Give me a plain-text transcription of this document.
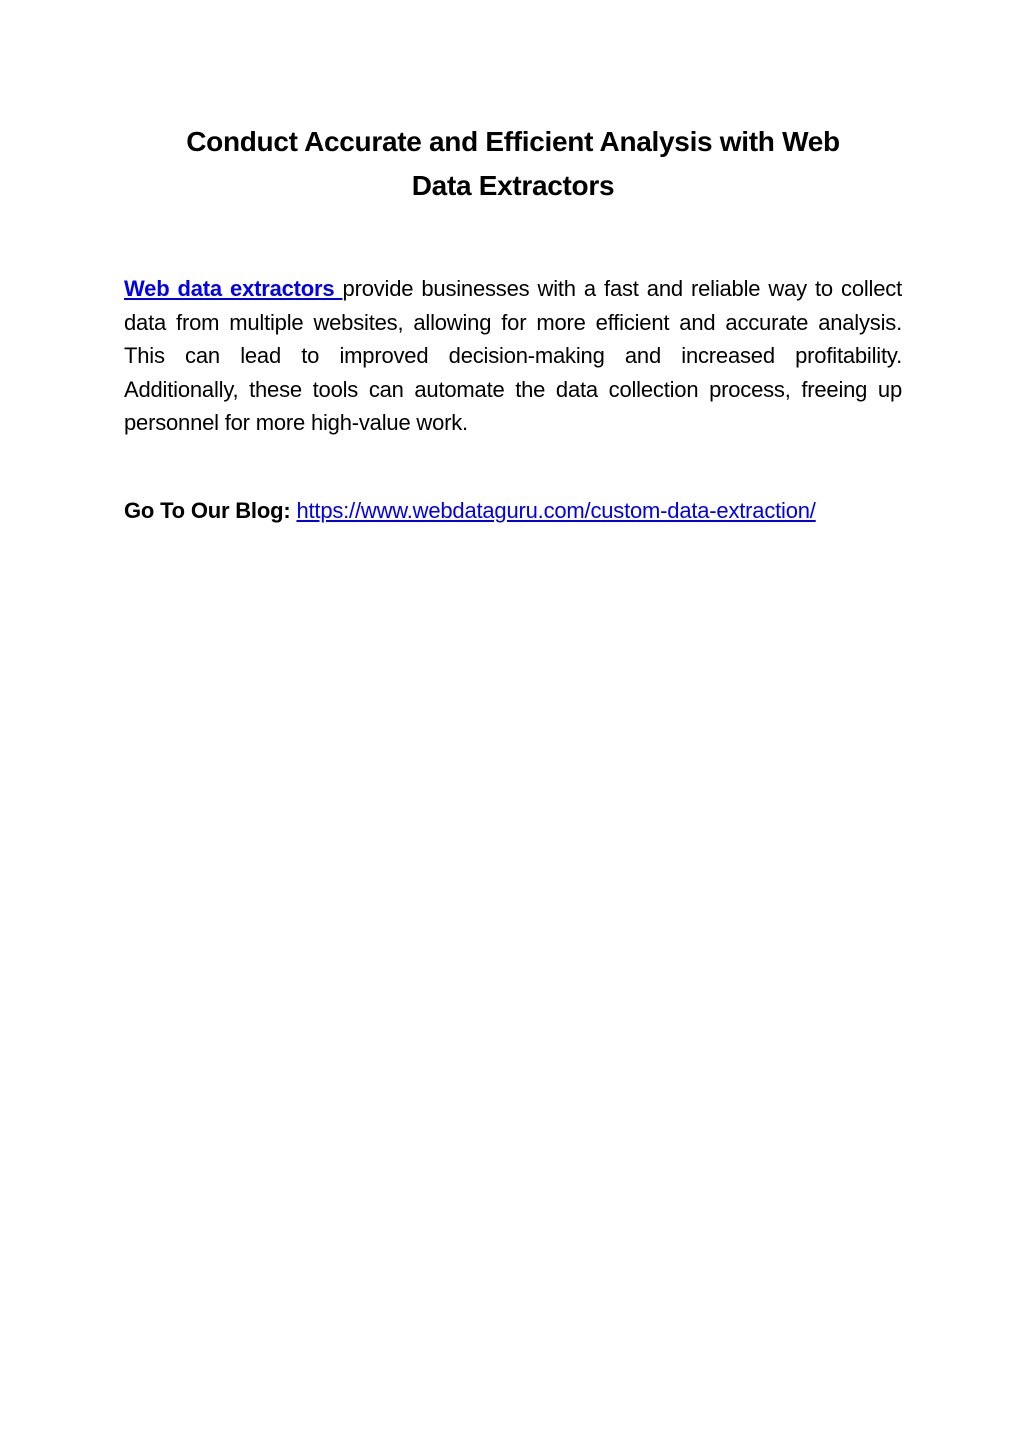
Conduct Accurate and Efficient Analysis with Web
Data Extractors

Web data extractors provide businesses with a fast and reliable way to collect data from multiple websites, allowing for more efficient and accurate analysis. This can lead to improved decision-making and increased profitability. Additionally, these tools can automate the data collection process, freeing up personnel for more high-value work.

Go To Our Blog: https://www.webdataguru.com/custom-data-extraction/
